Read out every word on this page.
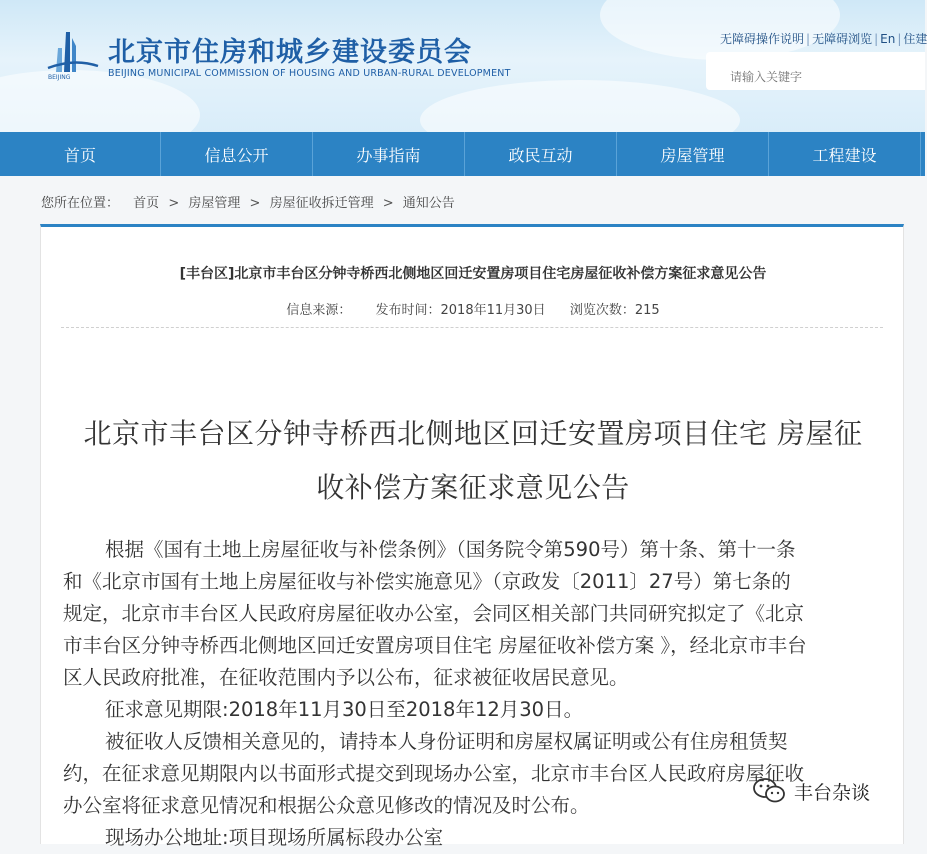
BEIJING
北京市住房和城乡建设委员会
BEIJING MUNICIPAL COMMISSION OF HOUSING AND URBAN-RURAL DEVELOPMENT
无障碍操作说明 | 无障碍浏览 | En | 住建
请输入关键字
首页	信息公开	办事指南	政民互动	房屋管理	工程建设
您所在位置： 首页 > 房屋管理 > 房屋征收拆迁管理 > 通知公告
[丰台区]北京市丰台区分钟寺桥西北侧地区回迁安置房项目住宅房屋征收补偿方案征求意见公告
信息来源： 发布时间：2018年11月30日 浏览次数：215
北京市丰台区分钟寺桥西北侧地区回迁安置房项目住宅 房屋征
收补偿方案征求意见公告
根据《国有土地上房屋征收与补偿条例》（国务院令第590号）第十条、第十一条
和《北京市国有土地上房屋征收与补偿实施意见》（京政发〔2011〕27号）第七条的
规定，北京市丰台区人民政府房屋征收办公室，会同区相关部门共同研究拟定了《北京
市丰台区分钟寺桥西北侧地区回迁安置房项目住宅 房屋征收补偿方案 》，经北京市丰台
区人民政府批准，在征收范围内予以公布，征求被征收居民意见。
征求意见期限:2018年11月30日至2018年12月30日。
被征收人反馈相关意见的，请持本人身份证明和房屋权属证明或公有住房租赁契
约，在征求意见期限内以书面形式提交到现场办公室，北京市丰台区人民政府房屋征收
办公室将征求意见情况和根据公众意见修改的情况及时公布。
现场办公地址:项目现场所属标段办公室
丰台杂谈
